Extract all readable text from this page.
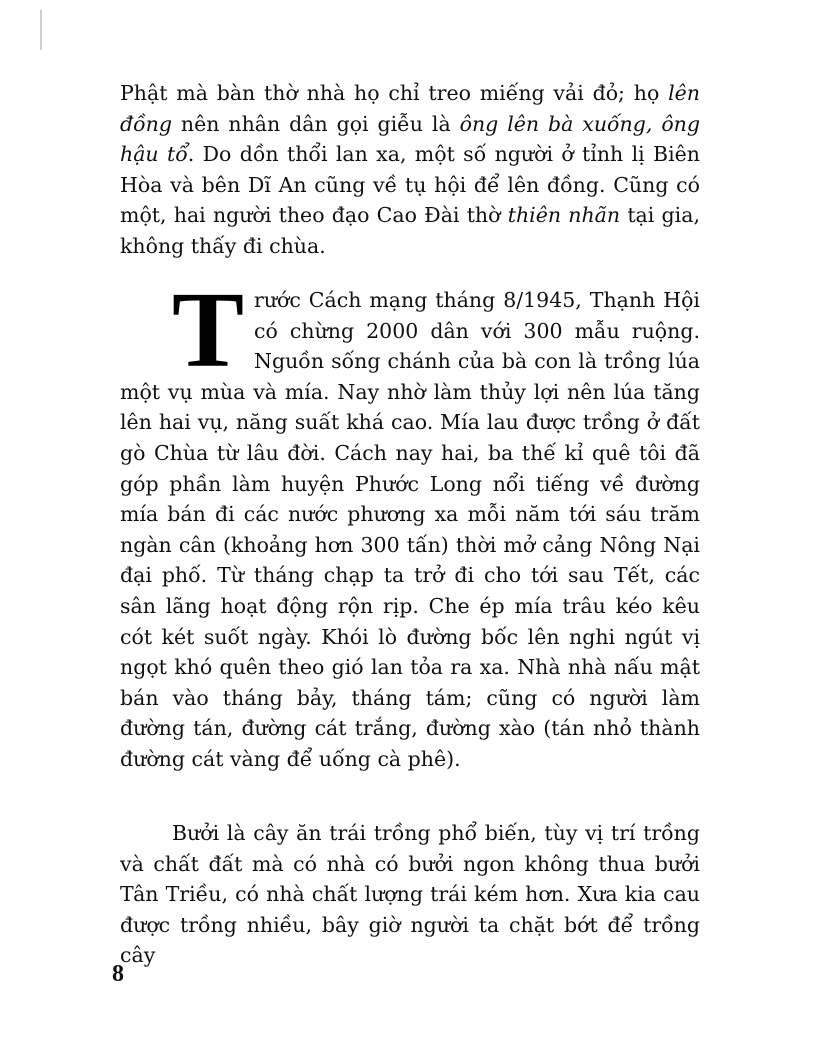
Phật mà bàn thờ nhà họ chỉ treo miếng vải đỏ; họ lên đồng nên nhân dân gọi giễu là ông lên bà xuống, ông hậu tổ. Do dồn thổi lan xa, một số người ở tỉnh lị Biên Hòa và bên Dĩ An cũng về tụ hội để lên đồng. Cũng có một, hai người theo đạo Cao Đài thờ thiên nhãn tại gia, không thấy đi chùa.

Trước Cách mạng tháng 8/1945, Thạnh Hội có chừng 2000 dân với 300 mẫu ruộng. Nguồn sống chánh của bà con là trồng lúa một vụ mùa và mía. Nay nhờ làm thủy lợi nên lúa tăng lên hai vụ, năng suất khá cao. Mía lau được trồng ở đất gò Chùa từ lâu đời. Cách nay hai, ba thế kỉ quê tôi đã góp phần làm huyện Phước Long nổi tiếng về đường mía bán đi các nước phương xa mỗi năm tới sáu trăm ngàn cân (khoảng hơn 300 tấn) thời mở cảng Nông Nại đại phố. Từ tháng chạp ta trở đi cho tới sau Tết, các sân lãng hoạt động rộn rịp. Che ép mía trâu kéo kêu cót két suốt ngày. Khói lò đường bốc lên nghi ngút vị ngọt khó quên theo gió lan tỏa ra xa. Nhà nhà nấu mật bán vào tháng bảy, tháng tám; cũng có người làm đường tán, đường cát trắng, đường xào (tán nhỏ thành đường cát vàng để uống cà phê).

Bưởi là cây ăn trái trồng phổ biến, tùy vị trí trồng và chất đất mà có nhà có bưởi ngon không thua bưởi Tân Triều, có nhà chất lượng trái kém hơn. Xưa kia cau được trồng nhiều, bây giờ người ta chặt bớt để trồng cây

8
